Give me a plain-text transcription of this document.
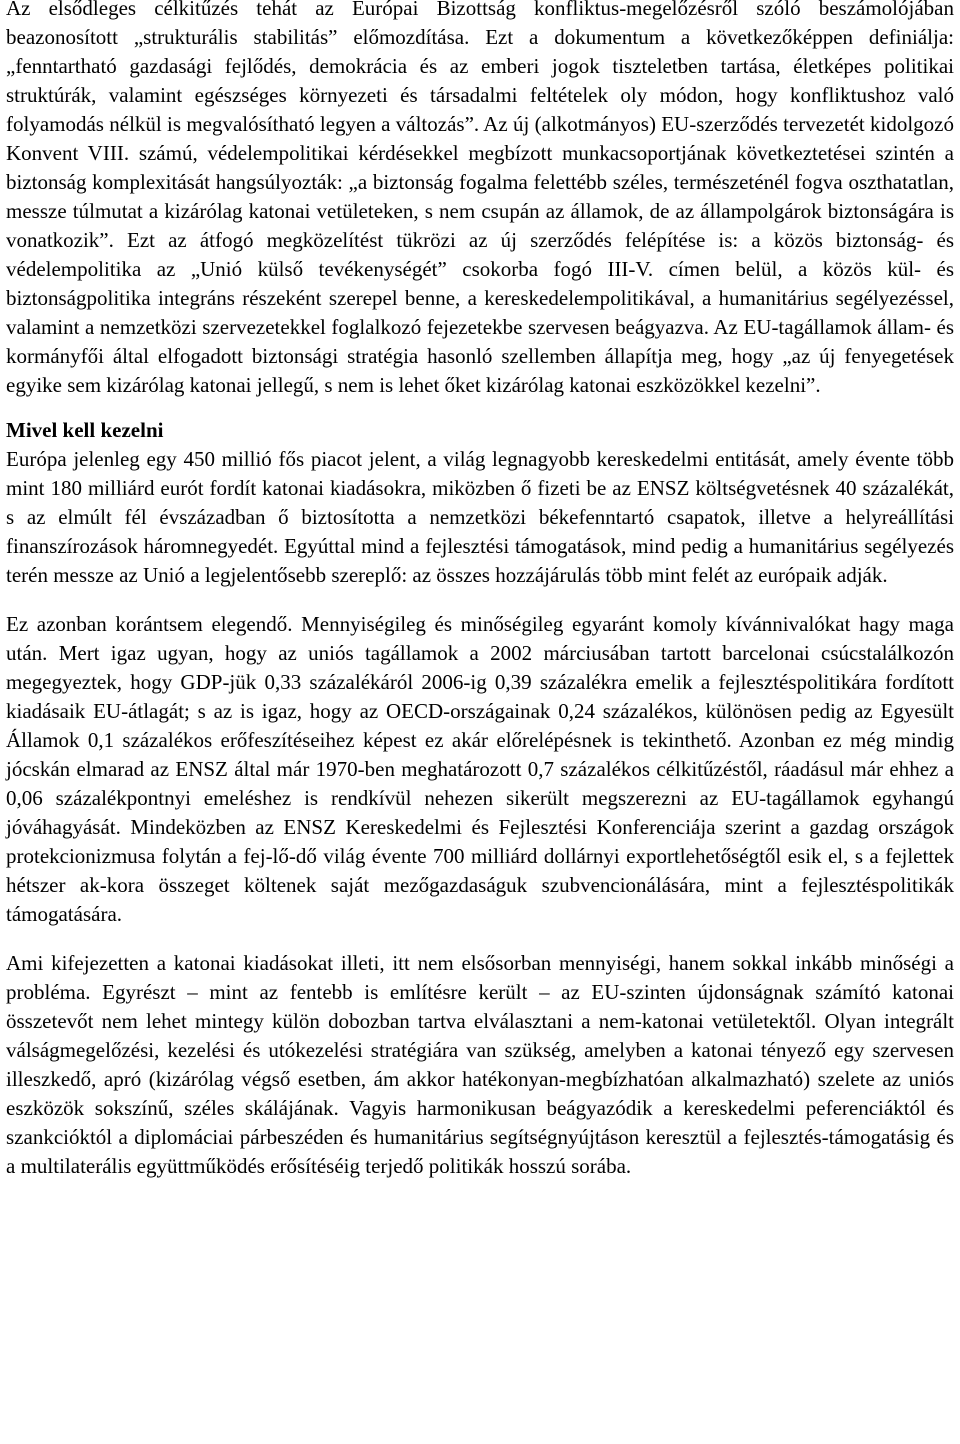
Az elsődleges célkitűzés tehát az Európai Bizottság konfliktus-megelőzésről szóló beszámolójában beazonosított „strukturális stabilitás” előmozdítása. Ezt a dokumentum a következőképpen definiálja: „fenntartható gazdasági fejlődés, demokrácia és az emberi jogok tiszteletben tartása, életképes politikai struktúrák, valamint egészséges környezeti és társadalmi feltételek oly módon, hogy konfliktushoz való folyamodás nélkül is megvalósítható legyen a változás”. Az új (alkotmányos) EU-szerződés tervezetét kidolgozó Konvent VIII. számú, védelempolitikai kérdésekkel megbízott munkacsoportjának következtetései szintén a biztonság komplexitását hangsúlyozták: „a biztonság fogalma felettébb széles, természeténél fogva oszthatatlan, messze túlmutat a kizárólag katonai vetületeken, s nem csupán az államok, de az állampolgárok biztonságára is vonatkozik”. Ezt az átfogó megközelítést tükrözi az új szerződés felépítése is: a közös biztonság- és védelempolitika az „Unió külső tevékenységét” csokorba fogó III-V. címen belül, a közös kül- és biztonságpolitika integráns részeként szerepel benne, a kereskedelempolitikával, a humanitárius segélyezéssel, valamint a nemzetközi szervezetekkel foglalkozó fejezetekbe szervesen beágyazva. Az EU-tagállamok állam- és kormányfői által elfogadott biztonsági stratégia hasonló szellemben állapítja meg, hogy „az új fenyegetések egyike sem kizárólag katonai jellegű, s nem is lehet őket kizárólag katonai eszközökkel kezelni”.

Mivel kell kezelni

Európa jelenleg egy 450 millió fős piacot jelent, a világ legnagyobb kereskedelmi entitását, amely évente több mint 180 milliárd eurót fordít katonai kiadásokra, miközben ő fizeti be az ENSZ költségvetésnek 40 százalékát, s az elmúlt fél évszázadban ő biztosította a nemzetközi békefenntartó csapatok, illetve a helyreállítási finanszírozások háromnegyedét. Egyúttal mind a fejlesztési támogatások, mind pedig a humanitárius segélyezés terén messze az Unió a legjelentősebb szereplő: az összes hozzájárulás több mint felét az európaik adják.

Ez azonban korántsem elegendő. Mennyiségileg és minőségileg egyaránt komoly kívánnivalókat hagy maga után. Mert igaz ugyan, hogy az uniós tagállamok a 2002 márciusában tartott barcelonai csúcstalálkozón megegyeztek, hogy GDP-jük 0,33 százalékáról 2006-ig 0,39 százalékra emelik a fejlesztéspolitikára fordított kiadásaik EU-átlagát; s az is igaz, hogy az OECD-országainak 0,24 százalékos, különösen pedig az Egyesült Államok 0,1 százalékos erőfeszítéseihez képest ez akár előrelépésnek is tekinthető. Azonban ez még mindig jócskán elmarad az ENSZ által már 1970-ben meghatározott 0,7 százalékos célkitűzéstől, ráadásul már ehhez a 0,06 százalékpontnyi emeléshez is rendkívül nehezen sikerült megszerezni az EU-tagállamok egyhangú jóváhagyását. Mindeközben az ENSZ Kereskedelmi és Fejlesztési Konferenciája szerint a gazdag országok protekcionizmusa folytán a fej-lő-dő világ évente 700 milliárd dollárnyi exportlehetőségtől esik el, s a fejlettek hétszer ak-kora összeget költenek saját mezőgazdaságuk szubvencionálására, mint a fejlesztéspolitikák támogatására.

Ami kifejezetten a katonai kiadásokat illeti, itt nem elsősorban mennyiségi, hanem sokkal inkább minőségi a probléma. Egyrészt – mint az fentebb is említésre került – az EU-szinten újdonságnak számító katonai összetevőt nem lehet mintegy külön dobozban tartva elválasztani a nem-katonai vetületektől. Olyan integrált válságmegelőzési, kezelési és utókezelési stratégiára van szükség, amelyben a katonai tényező egy szervesen illeszkedő, apró (kizárólag végső esetben, ám akkor hatékonyan-megbízhatóan alkalmazható) szelete az uniós eszközök sokszínű, széles skálájának. Vagyis harmonikusan beágyazódik a kereskedelmi peferenciáktól és szankcióktól a diplomáciai párbeszéden és humanitárius segítségnyújtáson keresztül a fejlesztés-támogatásig és a multilaterális együttműködés erősítéséig terjedő politikák hosszú sorába.
